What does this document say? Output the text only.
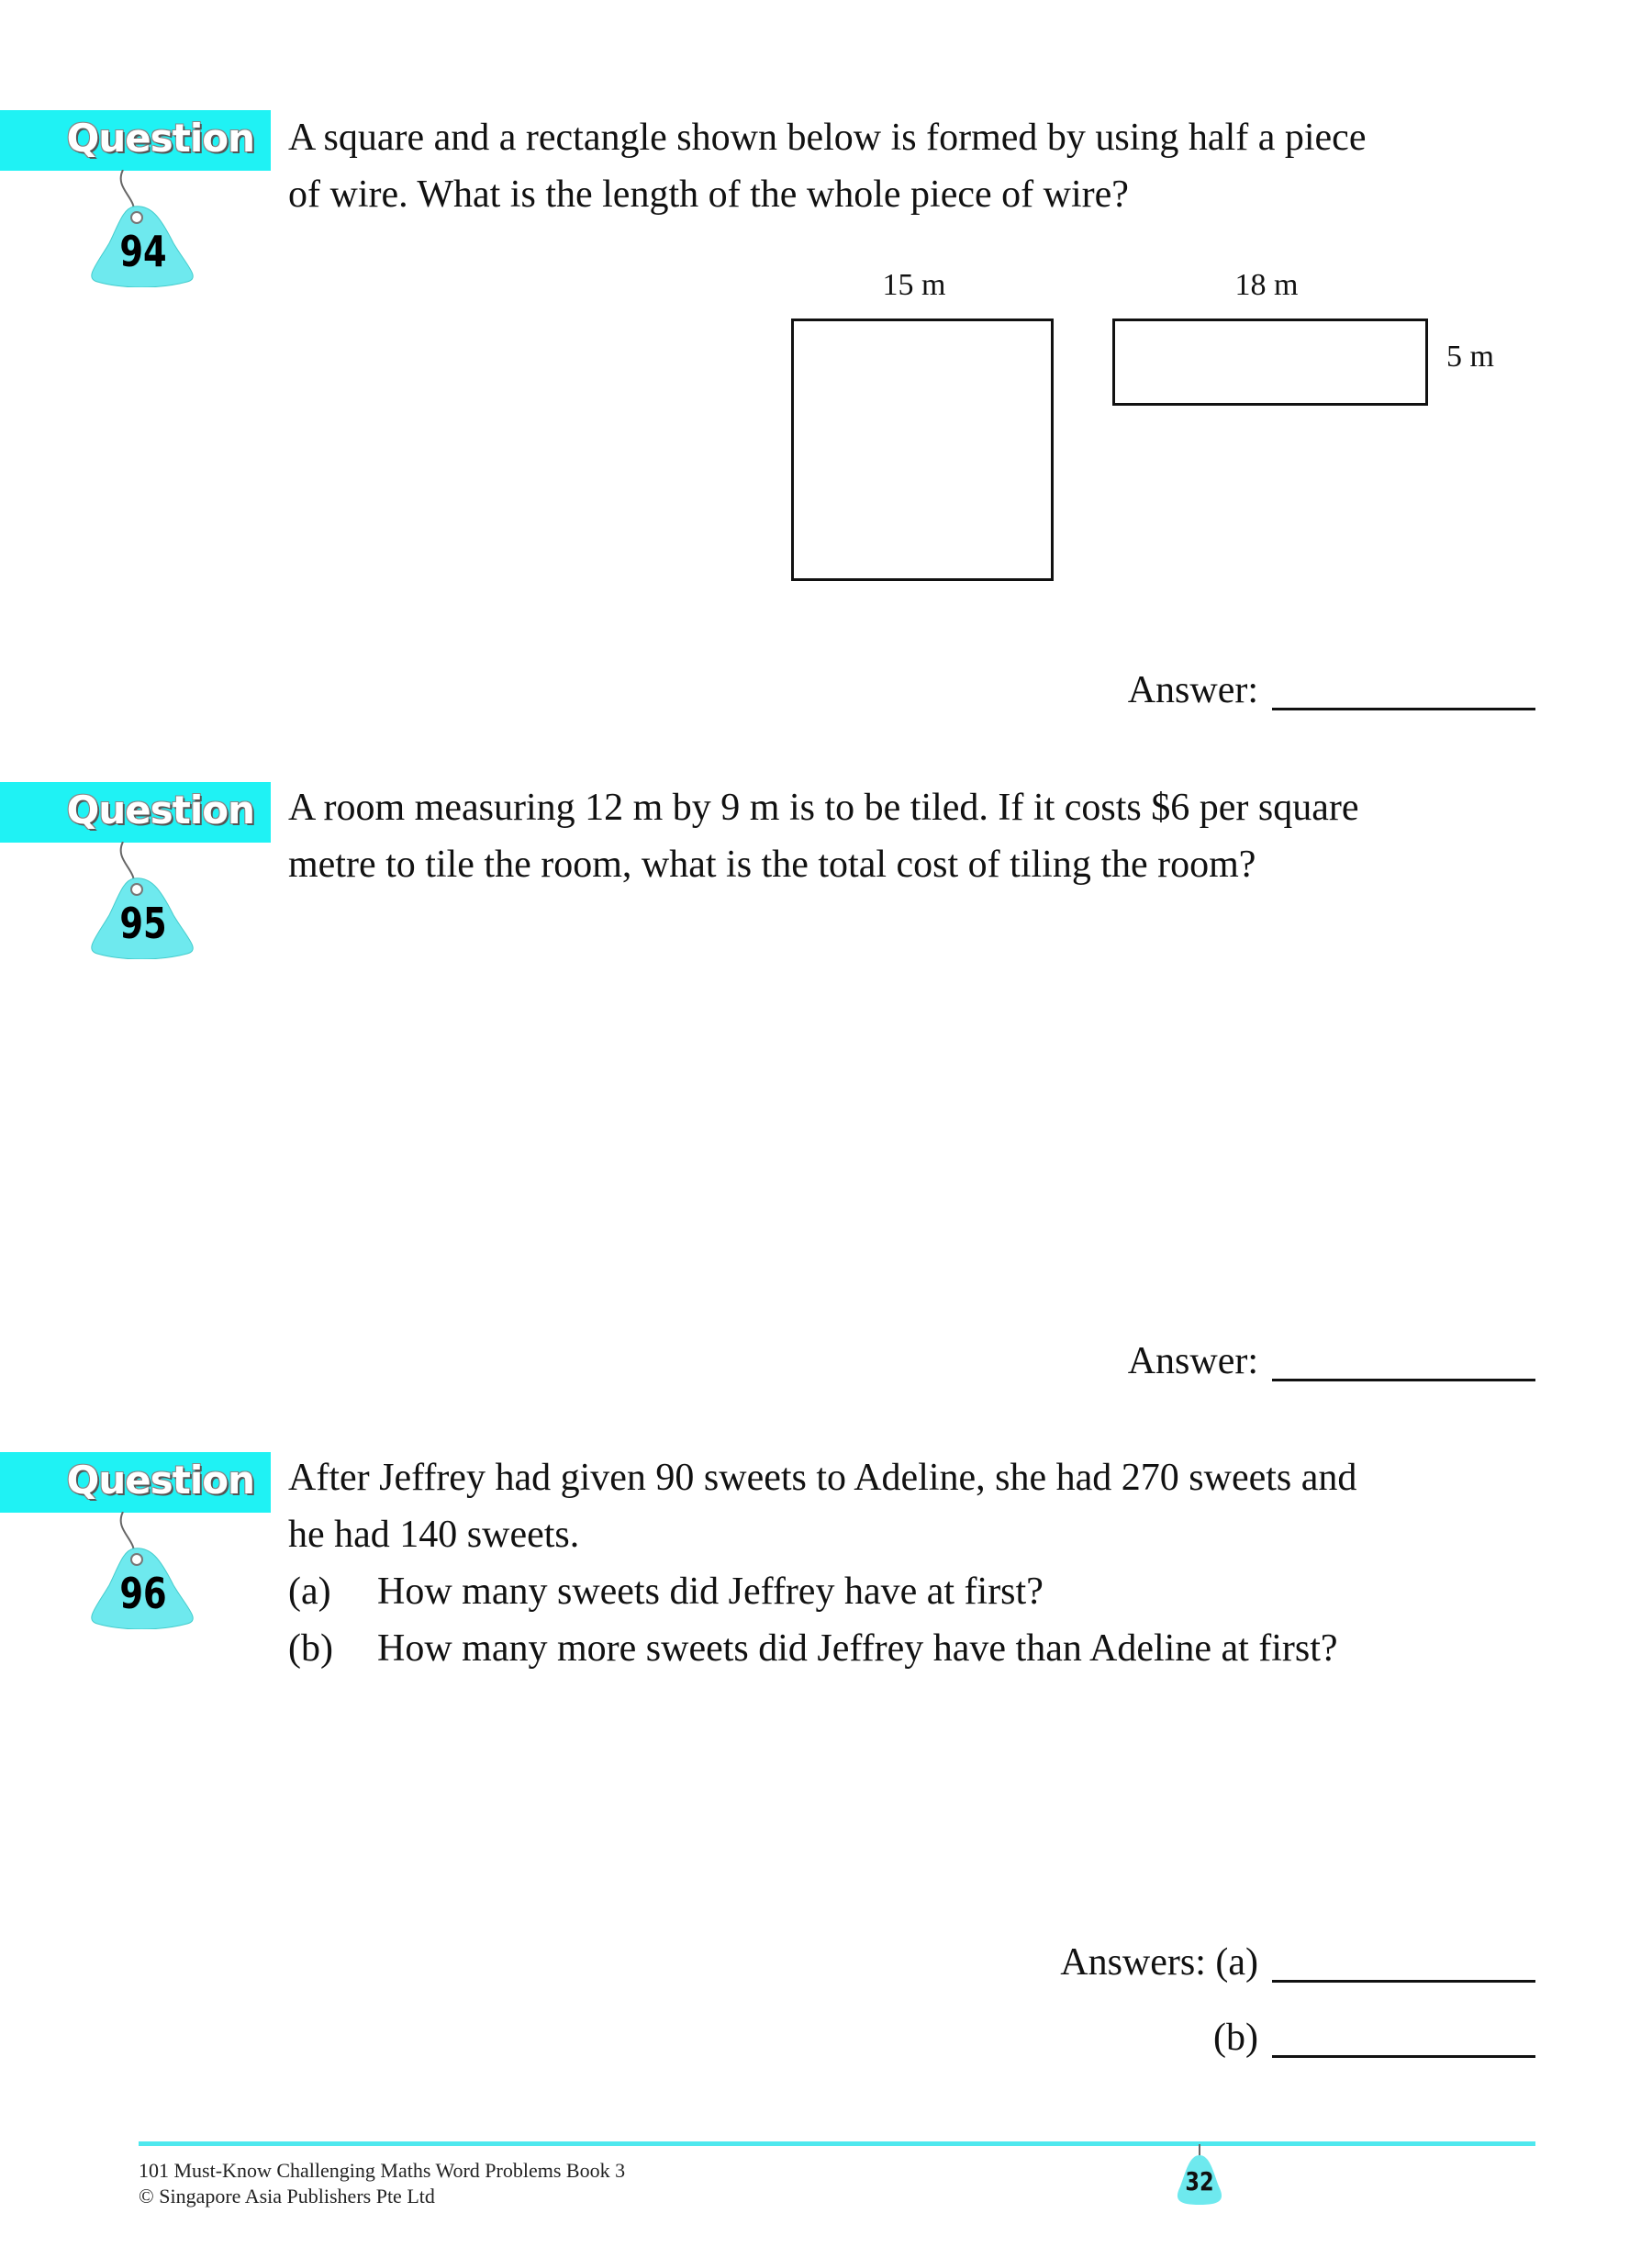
Question
94
A square and a rectangle shown below is formed by using half a piece
of wire. What is the length of the whole piece of wire?
15 m	18 m
5 m
Answer:
Question
95
A room measuring 12 m by 9 m is to be tiled. If it costs $6 per square
metre to tile the room, what is the total cost of tiling the room?
Answer:
Question
96
After Jeffrey had given 90 sweets to Adeline, she had 270 sweets and
he had 140 sweets.
(a)	How many sweets did Jeffrey have at first?
(b)	How many more sweets did Jeffrey have than Adeline at first?
Answers: (a)
(b)
101 Must-Know Challenging Maths Word Problems Book 3
© Singapore Asia Publishers Pte Ltd	32
